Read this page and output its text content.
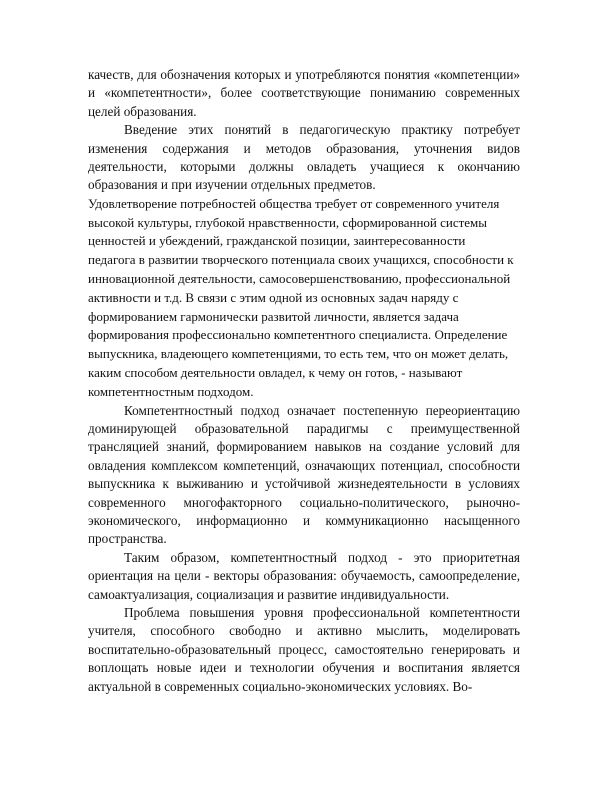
качеств, для обозначения которых и употребляются понятия «компетенции» и «компетентности», более соответствующие пониманию современных целей образования.

Введение этих понятий в педагогическую практику потребует изменения содержания и методов образования, уточнения видов деятельности, которыми должны овладеть учащиеся к окончанию образования и при изучении отдельных предметов.

Удовлетворение потребностей общества требует от современного учителя высокой культуры, глубокой нравственности, сформированной системы ценностей и убеждений, гражданской позиции, заинтересованности педагога в развитии творческого потенциала своих учащихся, способности к инновационной деятельности, самосовершенствованию, профессиональной активности и т.д. В связи с этим одной из основных задач наряду с формированием гармонически развитой личности, является задача формирования профессионально компетентного специалиста. Определение выпускника, владеющего компетенциями, то есть тем, что он может делать, каким способом деятельности овладел, к чему он готов, - называют компетентностным подходом.

Компетентностный подход означает постепенную переориентацию доминирующей образовательной парадигмы с преимущественной трансляцией знаний, формированием навыков на создание условий для овладения комплексом компетенций, означающих потенциал, способности выпускника к выживанию и устойчивой жизнедеятельности в условиях современного многофакторного социально-политического, рыночно-экономического, информационно и коммуникационно насыщенного пространства.

Таким образом, компетентностный подход - это приоритетная ориентация на цели - векторы образования: обучаемость, самоопределение, самоактуализация, социализация и развитие индивидуальности.

Проблема повышения уровня профессиональной компетентности учителя, способного свободно и активно мыслить, моделировать воспитательно-образовательный процесс, самостоятельно генерировать и воплощать новые идеи и технологии обучения и воспитания является актуальной в современных социально-экономических условиях. Во-
